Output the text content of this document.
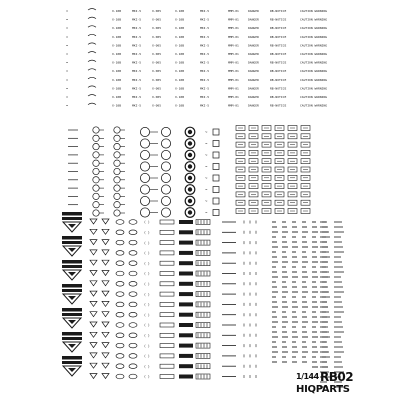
=	X-10B	MKI-5	X-005	X-10B	MKI-5	MMM-01	DANGER	RB-NOTICE	CAUTION WARNING
=	X-10B	MKI-5	X-005	X-10B	MKI-5	MMM-01	DANGER	RB-NOTICE	CAUTION WARNING
=	X-10B	MKI-5	X-005	X-10B	MKI-5	MMM-01	DANGER	RB-NOTICE	CAUTION WARNING
=	X-10B	MKI-5	X-005	X-10B	MKI-5	MMM-01	DANGER	RB-NOTICE	CAUTION WARNING
=	X-10B	MKI-5	X-005	X-10B	MKI-5	MMM-01	DANGER	RB-NOTICE	CAUTION WARNING
=	X-10B	MKI-5	X-005	X-10B	MKI-5	MMM-01	DANGER	RB-NOTICE	CAUTION WARNING
=	X-10B	MKI-5	X-005	X-10B	MKI-5	MMM-01	DANGER	RB-NOTICE	CAUTION WARNING
=	X-10B	MKI-5	X-005	X-10B	MKI-5	MMM-01	DANGER	RB-NOTICE	CAUTION WARNING
=	X-10B	MKI-5	X-005	X-10B	MKI-5	MMM-01	DANGER	RB-NOTICE	CAUTION WARNING
=	X-10B	MKI-5	X-005	X-10B	MKI-5	MMM-01	DANGER	RB-NOTICE	CAUTION WARNING
=	X-10B	MKI-5	X-005	X-10B	MKI-5	MMM-01	DANGER	RB-NOTICE	CAUTION WARNING
=	X-10B	MKI-5	X-005	X-10B	MKI-5	MMM-01	DANGER	RB-NOTICE	CAUTION WARNING
~
~
~
~
~
~
~
~
( )
( )
( )
( )
( )
( )
( )
( )
( )
( )
( )
( )
( )
( )
( )
( )	1/144 RB02
HIQPARTS
